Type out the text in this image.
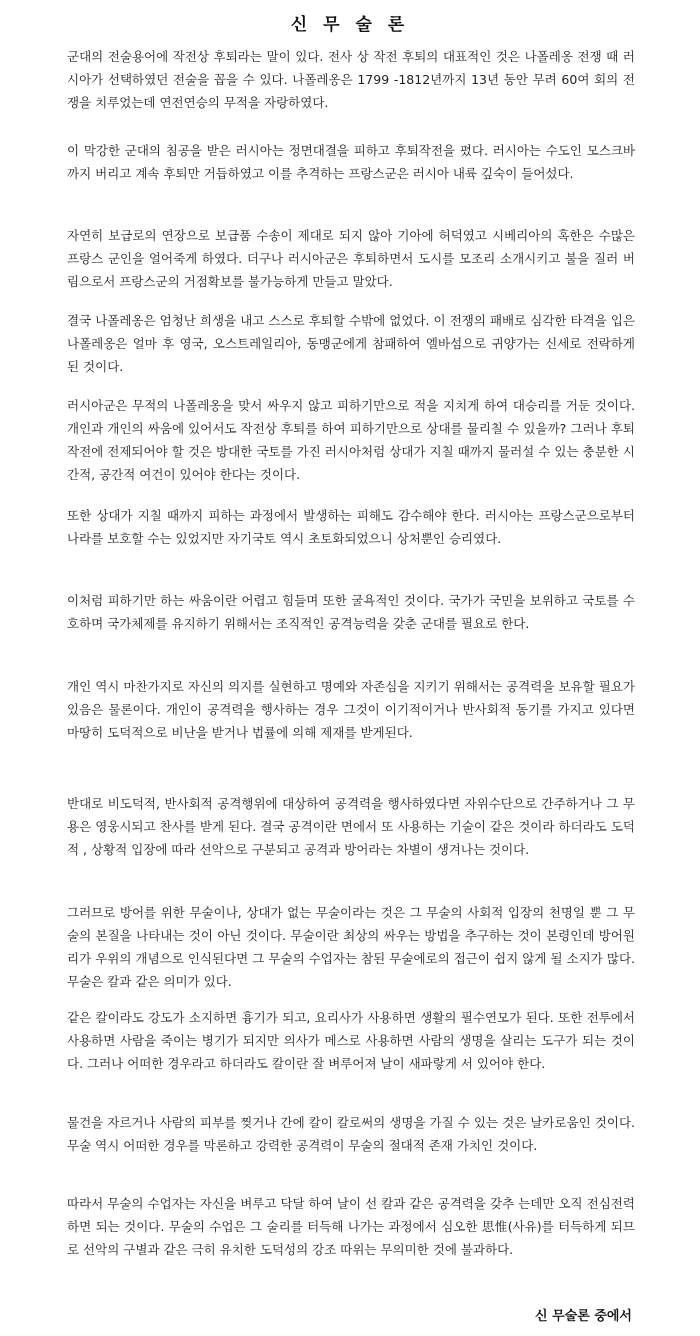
신 무 술 론

군대의 전술용어에 작전상 후퇴라는 말이 있다. 전사 상 작전 후퇴의 대표적인 것은 나폴레옹 전쟁 때 러시아가 선택하였던 전술을 꼽을 수 있다. 나폴레옹은 1799 -1812년까지 13년 동안 무려 60여 회의 전쟁을 치루었는데 연전연승의 무적을 자랑하였다.

이 막강한 군대의 침공을 받은 러시아는 정면대결을 피하고 후퇴작전을 폈다. 러시아는 수도인 모스크바까지 버리고 계속 후퇴만 거듭하였고 이를 추격하는 프랑스군은 러시아 내륙 깊숙이 들어섰다.

자연히 보급로의 연장으로 보급품 수송이 제대로 되지 않아 기아에 허덕였고 시베리아의 혹한은 수많은 프랑스 군인을 얼어죽게 하였다. 더구나 러시아군은 후퇴하면서 도시를 모조리 소개시키고 불을 질러 버림으로서 프랑스군의 거점확보를 불가능하게 만들고 말았다.

결국 나폴레옹은 엄청난 희생을 내고 스스로 후퇴할 수밖에 없었다. 이 전쟁의 패배로 심각한 타격을 입은 나폴레옹은 얼마 후 영국, 오스트레일리아, 동맹군에게 참패하여 엘바섬으로 귀양가는 신세로 전락하게 된 것이다.

러시아군은 무적의 나폴레옹을 맞서 싸우지 않고 피하기만으로 적을 지치게 하여 대승리를 거둔 것이다. 개인과 개인의 싸움에 있어서도 작전상 후퇴를 하여 피하기만으로 상대를 물리칠 수 있을까? 그러나 후퇴작전에 전제되어야 할 것은 방대한 국토를 가진 러시아처럼 상대가 지칠 때까지 물러설 수 있는 충분한 시간적, 공간적 여건이 있어야 한다는 것이다.

또한 상대가 지칠 때까지 피하는 과정에서 발생하는 피해도 감수해야 한다. 러시아는 프랑스군으로부터 나라를 보호할 수는 있었지만 자기국토 역시 초토화되었으니 상처뿐인 승리였다.

이처럼 피하기만 하는 싸움이란 어렵고 힘들며 또한 굴욕적인 것이다. 국가가 국민을 보위하고 국토를 수호하며 국가체제를 유지하기 위해서는 조직적인 공격능력을 갖춘 군대를 필요로 한다.

개인 역시 마찬가지로 자신의 의지를 실현하고 명예와 자존심을 지키기 위해서는 공격력을 보유할 필요가 있음은 물론이다. 개인이 공격력을 행사하는 경우 그것이 이기적이거나 반사회적 동기를 가지고 있다면 마땅히 도덕적으로 비난을 받거나 법률에 의해 제재를 받게된다.

반대로 비도덕적, 반사회적 공격행위에 대상하여 공격력을 행사하였다면 자위수단으로 간주하거나 그 무용은 영웅시되고 찬사를 받게 된다. 결국 공격이란 면에서 또 사용하는 기술이 같은 것이라 하더라도 도덕적 , 상황적 입장에 따라 선악으로 구분되고 공격과 방어라는 차별이 생겨나는 것이다.

그러므로 방어를 위한 무술이나, 상대가 없는 무술이라는 것은 그 무술의 사회적 입장의 천명일 뿐 그 무술의 본질을 나타내는 것이 아닌 것이다. 무술이란 최상의 싸우는 방법을 추구하는 것이 본령인데 방어원리가 우위의 개념으로 인식된다면 그 무술의 수업자는 참된 무술에로의 접근이 쉽지 않게 될 소지가 많다. 무술은 칼과 같은 의미가 있다.

같은 칼이라도 강도가 소지하면 흉기가 되고, 요리사가 사용하면 생활의 필수연모가 된다. 또한 전투에서 사용하면 사람을 죽이는 병기가 되지만 의사가 메스로 사용하면 사람의 생명을 살리는 도구가 되는 것이다. 그러나 어떠한 경우라고 하더라도 칼이란 잘 벼루어져 날이 새파랗게 서 있어야 한다.

물건을 자르거나 사람의 피부를 찢거나 간에 칼이 칼로써의 생명을 가질 수 있는 것은 날카로움인 것이다. 무술 역시 어떠한 경우를 막론하고 강력한 공격력이 무술의 절대적 존재 가치인 것이다.

따라서 무술의 수업자는 자신을 벼루고 닥달 하여 날이 선 칼과 같은 공격력을 갖추 는데만 오직 전심전력하면 되는 것이다. 무술의 수업은 그 술리를 터득해 나가는 과정에서 심오한 思惟(사유)를 터득하게 되므로 선악의 구별과 같은 극히 유치한 도덕성의 강조 따위는 무의미한 것에 불과하다.

신 무술론 중에서
